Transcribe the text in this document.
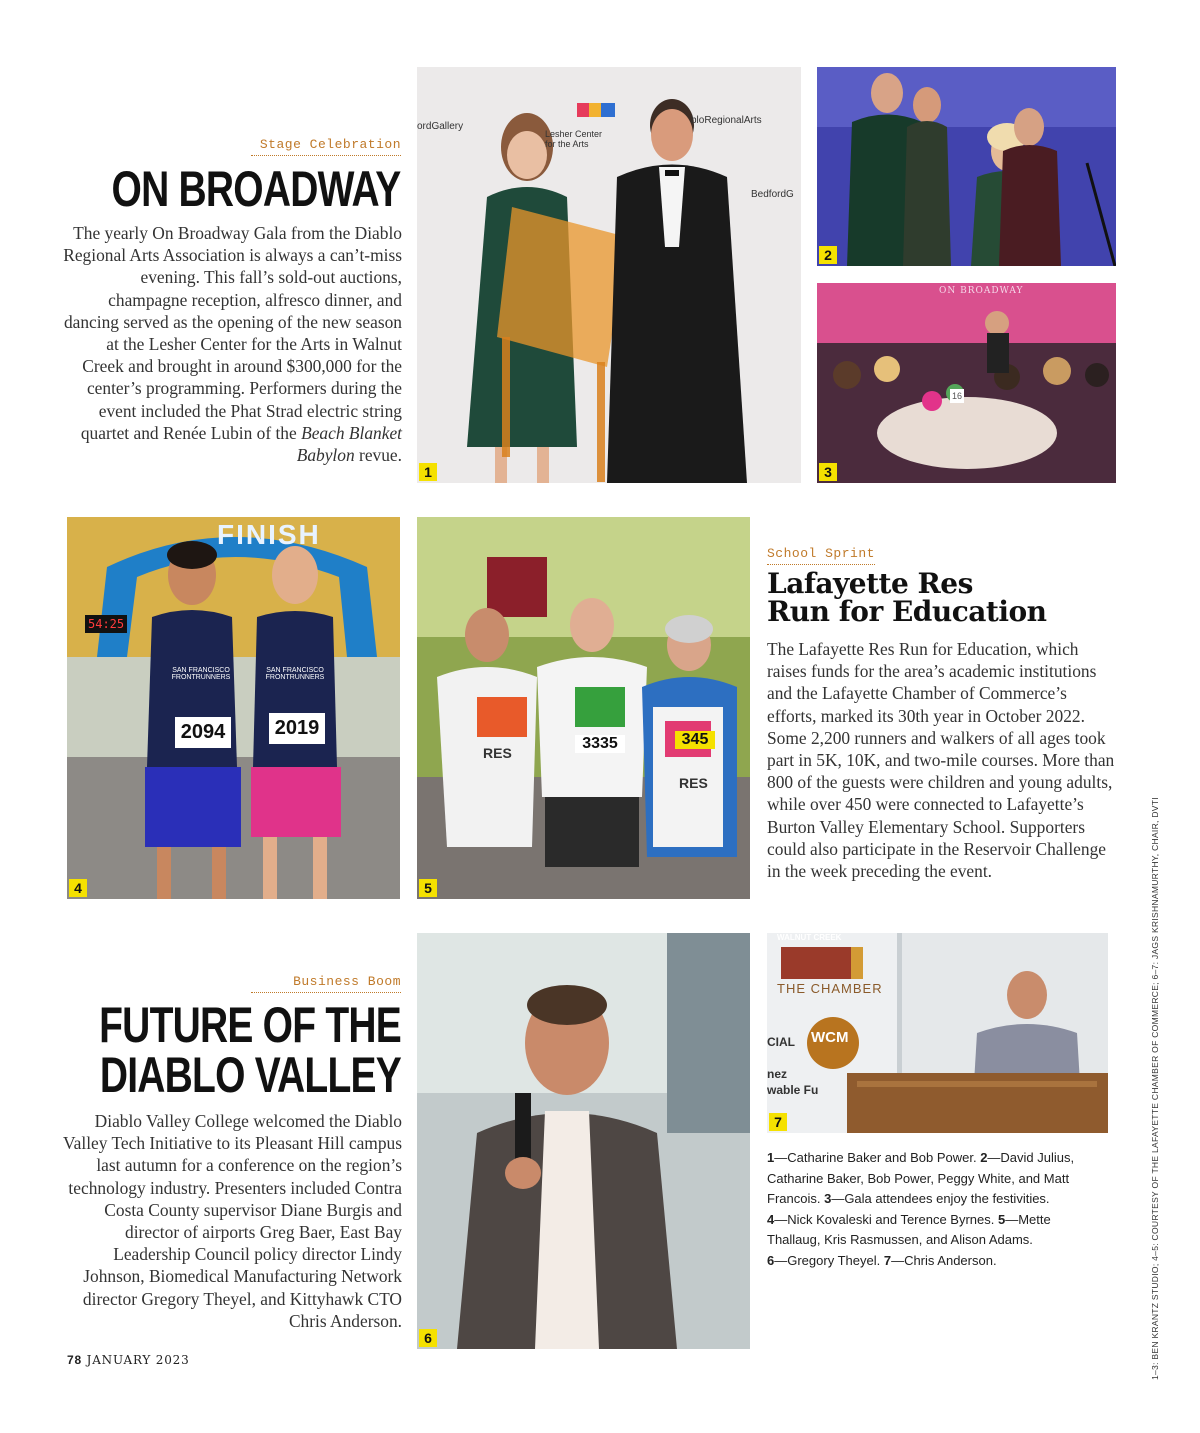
Stage Celebration
ON BROADWAY
The yearly On Broadway Gala from the Diablo Regional Arts Association is always a can’t-miss evening. This fall’s sold-out auctions, champagne reception, alfresco dinner, and dancing served as the opening of the new season at the Lesher Center for the Arts in Walnut Creek and brought in around $300,000 for the center’s programming. Performers during the event included the Phat Strad electric string quartet and Renée Lubin of the Beach Blanket Babylon revue.
ordGallery
Lesher Center for the Arts
bloRegionalArts
BedfordG
1
2
ON BROADWAY
16
3
FINISH
54:25
SAN FRANCISCO FRONTRUNNERS
SAN FRANCISCO FRONTRUNNERS
2094 2019
4
3335	345
RES
RES
5
School Sprint
Lafayette Res
Run for Education
The Lafayette Res Run for Education, which raises funds for the area’s academic institutions and the Lafayette Chamber of Commerce’s efforts, marked its 30th year in October 2022. Some 2,200 runners and walkers of all ages took part in 5K, 10K, and two-mile courses. More than 800 of the guests were children and young adults, while over 450 were connected to Lafayette’s Burton Valley Elementary School. Supporters could also participate in the Reservoir Challenge in the week preceding the event.
Business Boom
FUTURE OF THE
DIABLO VALLEY
Diablo Valley College welcomed the Diablo Valley Tech Initiative to its Pleasant Hill campus last autumn for a conference on the region’s technology industry. Presenters included Contra Costa County supervisor Diane Burgis and director of airports Greg Baer, East Bay Leadership Council policy director Lindy Johnson, Biomedical Manufacturing Network director Gregory Theyel, and Kittyhawk CTO Chris Anderson.
6
WALNUT CREEK
THE CHAMBER
WCM
CIAL
nez
wable Fu
7
1—Catharine Baker and Bob Power. 2—David Julius, Catharine Baker, Bob Power, Peggy White, and Matt Francois. 3—Gala attendees enjoy the festivities.
4—Nick Kovaleski and Terence Byrnes. 5—Mette Thallaug, Kris Rasmussen, and Alison Adams.
6—Gregory Theyel. 7—Chris Anderson.	1–3: BEN KRANTZ STUDIO; 4–5: COURTESY OF THE LAFAYETTE CHAMBER OF COMMERCE; 6–7: JAGS KRISHNAMURTHY, CHAIR, DVTI
78 JANUARY 2023
